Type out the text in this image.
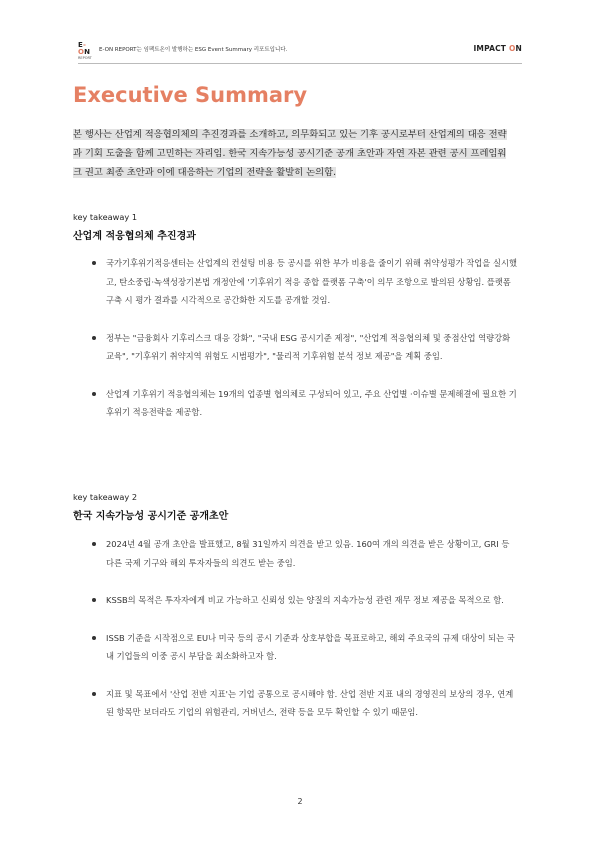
E-ON
REPORT
E-ON REPORT는 임팩트온이 발행하는 ESG Event Summary 리포트입니다.	IMPACT ON
Executive Summary
본 행사는 산업계 적응협의체의 추진경과를 소개하고, 의무화되고 있는 기후 공시로부터 산업계의 대응 전략과 기회 도출을 함께 고민하는 자리임. 한국 지속가능성 공시기준 공개 초안과 자연 자본 관련 공시 프레임워크 권고 최종 초안과 이에 대응하는 기업의 전략을 활발히 논의함.
key takeaway 1
산업계 적응협의체 추진경과
국가기후위기적응센터는 산업계의 컨설팅 비용 등 공시를 위한 부가 비용을 줄이기 위해 취약성평가 작업을 실시했고, 탄소중립·녹색성장기본법 개정안에 '기후위기 적응 종합 플랫폼 구축'이 의무 조항으로 발의된 상황임. 플랫폼 구축 시 평가 결과를 시각적으로 공간화한 지도를 공개할 것임.
정부는 "금융회사 기후리스크 대응 강화", "국내 ESG 공시기준 제정", "산업계 적응협의체 및 중점산업 역량강화 교육", "기후위기 취약지역 위험도 시범평가", "물리적 기후위험 분석 정보 제공"을 계획 중임.
산업계 기후위기 적응협의체는 19개의 업종별 협의체로 구성되어 있고, 주요 산업별 ·이슈별 문제해결에 필요한 기후위기 적응전략을 제공함.
key takeaway 2
한국 지속가능성 공시기준 공개초안
2024년 4월 공개 초안을 발표했고, 8월 31일까지 의견을 받고 있음. 160여 개의 의견을 받은 상황이고, GRI 등 다른 국제 기구와 해외 투자자들의 의견도 받는 중임.
KSSB의 목적은 투자자에게 비교 가능하고 신뢰성 있는 양질의 지속가능성 관련 재무 정보 제공을 목적으로 함.
ISSB 기준을 시작점으로 EU나 미국 등의 공시 기준과 상호부합을 목표로하고, 해외 주요국의 규제 대상이 되는 국내 기업들의 이중 공시 부담을 최소화하고자 함.
지표 및 목표에서 '산업 전반 지표'는 기업 공통으로 공시해야 함. 산업 전반 지표 내의 경영진의 보상의 경우, 연계된 항목만 보더라도 기업의 위험관리, 거버넌스, 전략 등을 모두 확인할 수 있기 때문임.
2
